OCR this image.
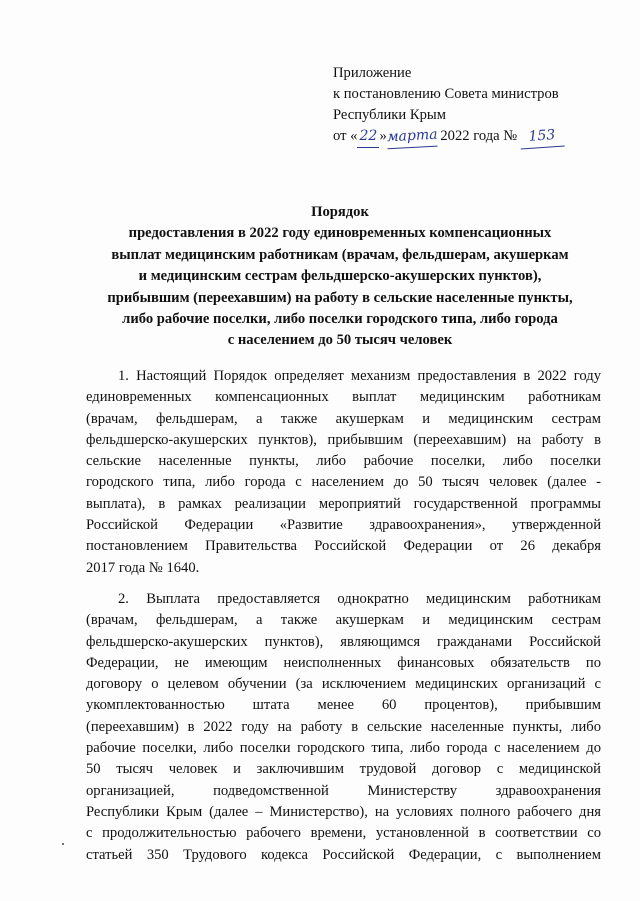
Приложение
к постановлению Совета министров
Республики Крым
от « 22 »марта 2022 года № 153
Порядок
предоставления в 2022 году единовременных компенсационных
выплат медицинским работникам (врачам, фельдшерам, акушеркам
и медицинским сестрам фельдшерско-акушерских пунктов),
прибывшим (переехавшим) на работу в сельские населенные пункты,
либо рабочие поселки, либо поселки городского типа, либо города
с населением до 50 тысяч человек
1. Настоящий Порядок определяет механизм предоставления в 2022 году
единовременных компенсационных выплат медицинским работникам
(врачам, фельдшерам, а также акушеркам и медицинским сестрам
фельдшерско-акушерских пунктов), прибывшим (переехавшим) на работу в
сельские населенные пункты, либо рабочие поселки, либо поселки
городского типа, либо города с населением до 50 тысяч человек (далее -
выплата), в рамках реализации мероприятий государственной программы
Российской Федерации «Развитие здравоохранения», утвержденной
постановлением Правительства Российской Федерации от 26 декабря
2017 года № 1640.
2. Выплата предоставляется однократно медицинским работникам
(врачам, фельдшерам, а также акушеркам и медицинским сестрам
фельдшерско-акушерских пунктов), являющимся гражданами Российской
Федерации, не имеющим неисполненных финансовых обязательств по
договору о целевом обучении (за исключением медицинских организаций с
укомплектованностью штата менее 60 процентов), прибывшим
(переехавшим) в 2022 году на работу в сельские населенные пункты, либо
рабочие поселки, либо поселки городского типа, либо города с населением до
50 тысяч человек и заключившим трудовой договор с медицинской
организацией, подведомственной Министерству здравоохранения
Республики Крым (далее – Министерство), на условиях полного рабочего дня
с продолжительностью рабочего времени, установленной в соответствии со
статьей 350 Трудового кодекса Российской Федерации, с выполнением
